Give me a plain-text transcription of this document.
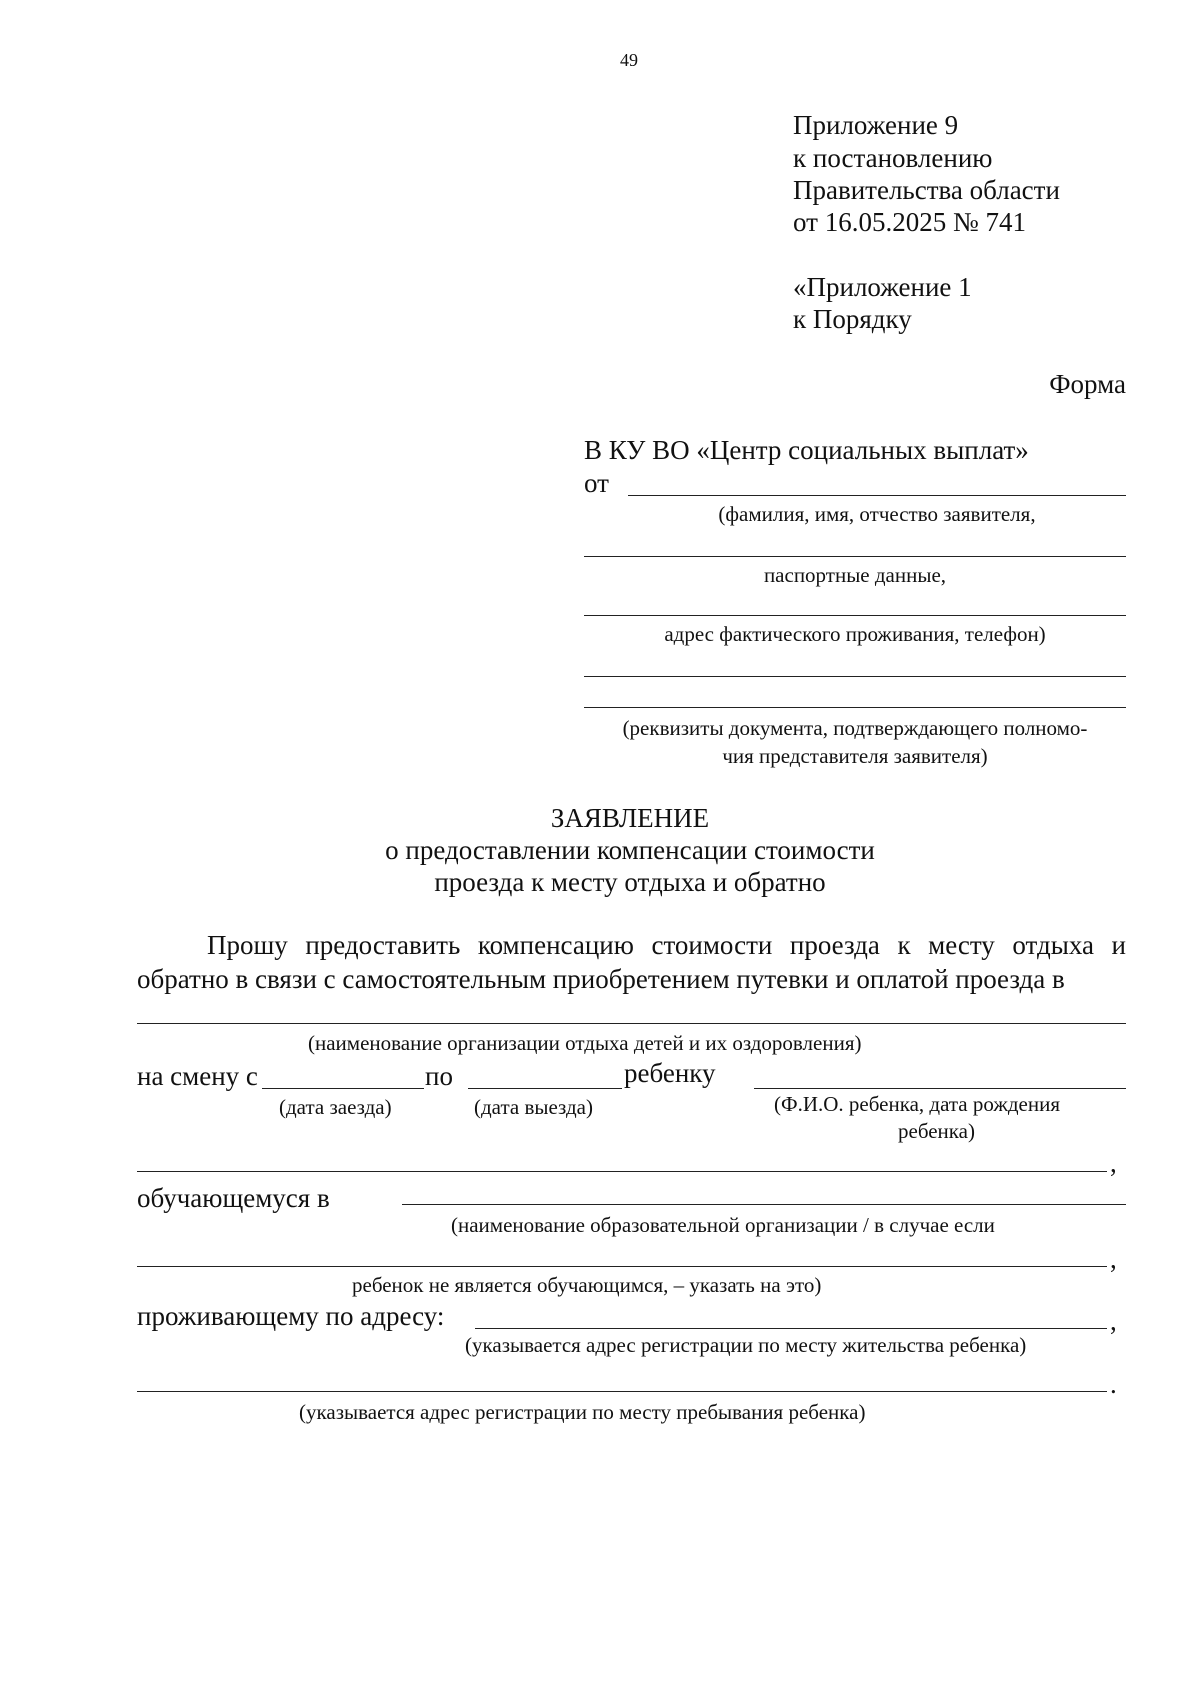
49
Приложение 9
к постановлению
Правительства области
от 16.05.2025 № 741
«Приложение 1
к Порядку
Форма
В КУ ВО «Центр социальных выплат»
от
(фамилия, имя, отчество заявителя,
паспортные данные,
адрес фактического проживания, телефон)
(реквизиты документа, подтверждающего полномо-
чия представителя заявителя)
ЗАЯВЛЕНИЕ
о предоставлении компенсации стоимости
проезда к месту отдыха и обратно
Прошу предоставить компенсацию стоимости проезда к месту отдыха и
обратно в связи с самостоятельным приобретением путевки и оплатой проезда в
(наименование организации отдыха детей и их оздоровления)
на смену с	по	ребенку
(дата заезда)	(дата выезда)	(Ф.И.О. ребенка, дата рождения
ребенка)
,
обучающемуся в
(наименование образовательной организации / в случае если
,
ребенок не является обучающимся, – указать на это)
проживающему по адресу:	,
(указывается адрес регистрации по месту жительства ребенка)
.
(указывается адрес регистрации по месту пребывания ребенка)
